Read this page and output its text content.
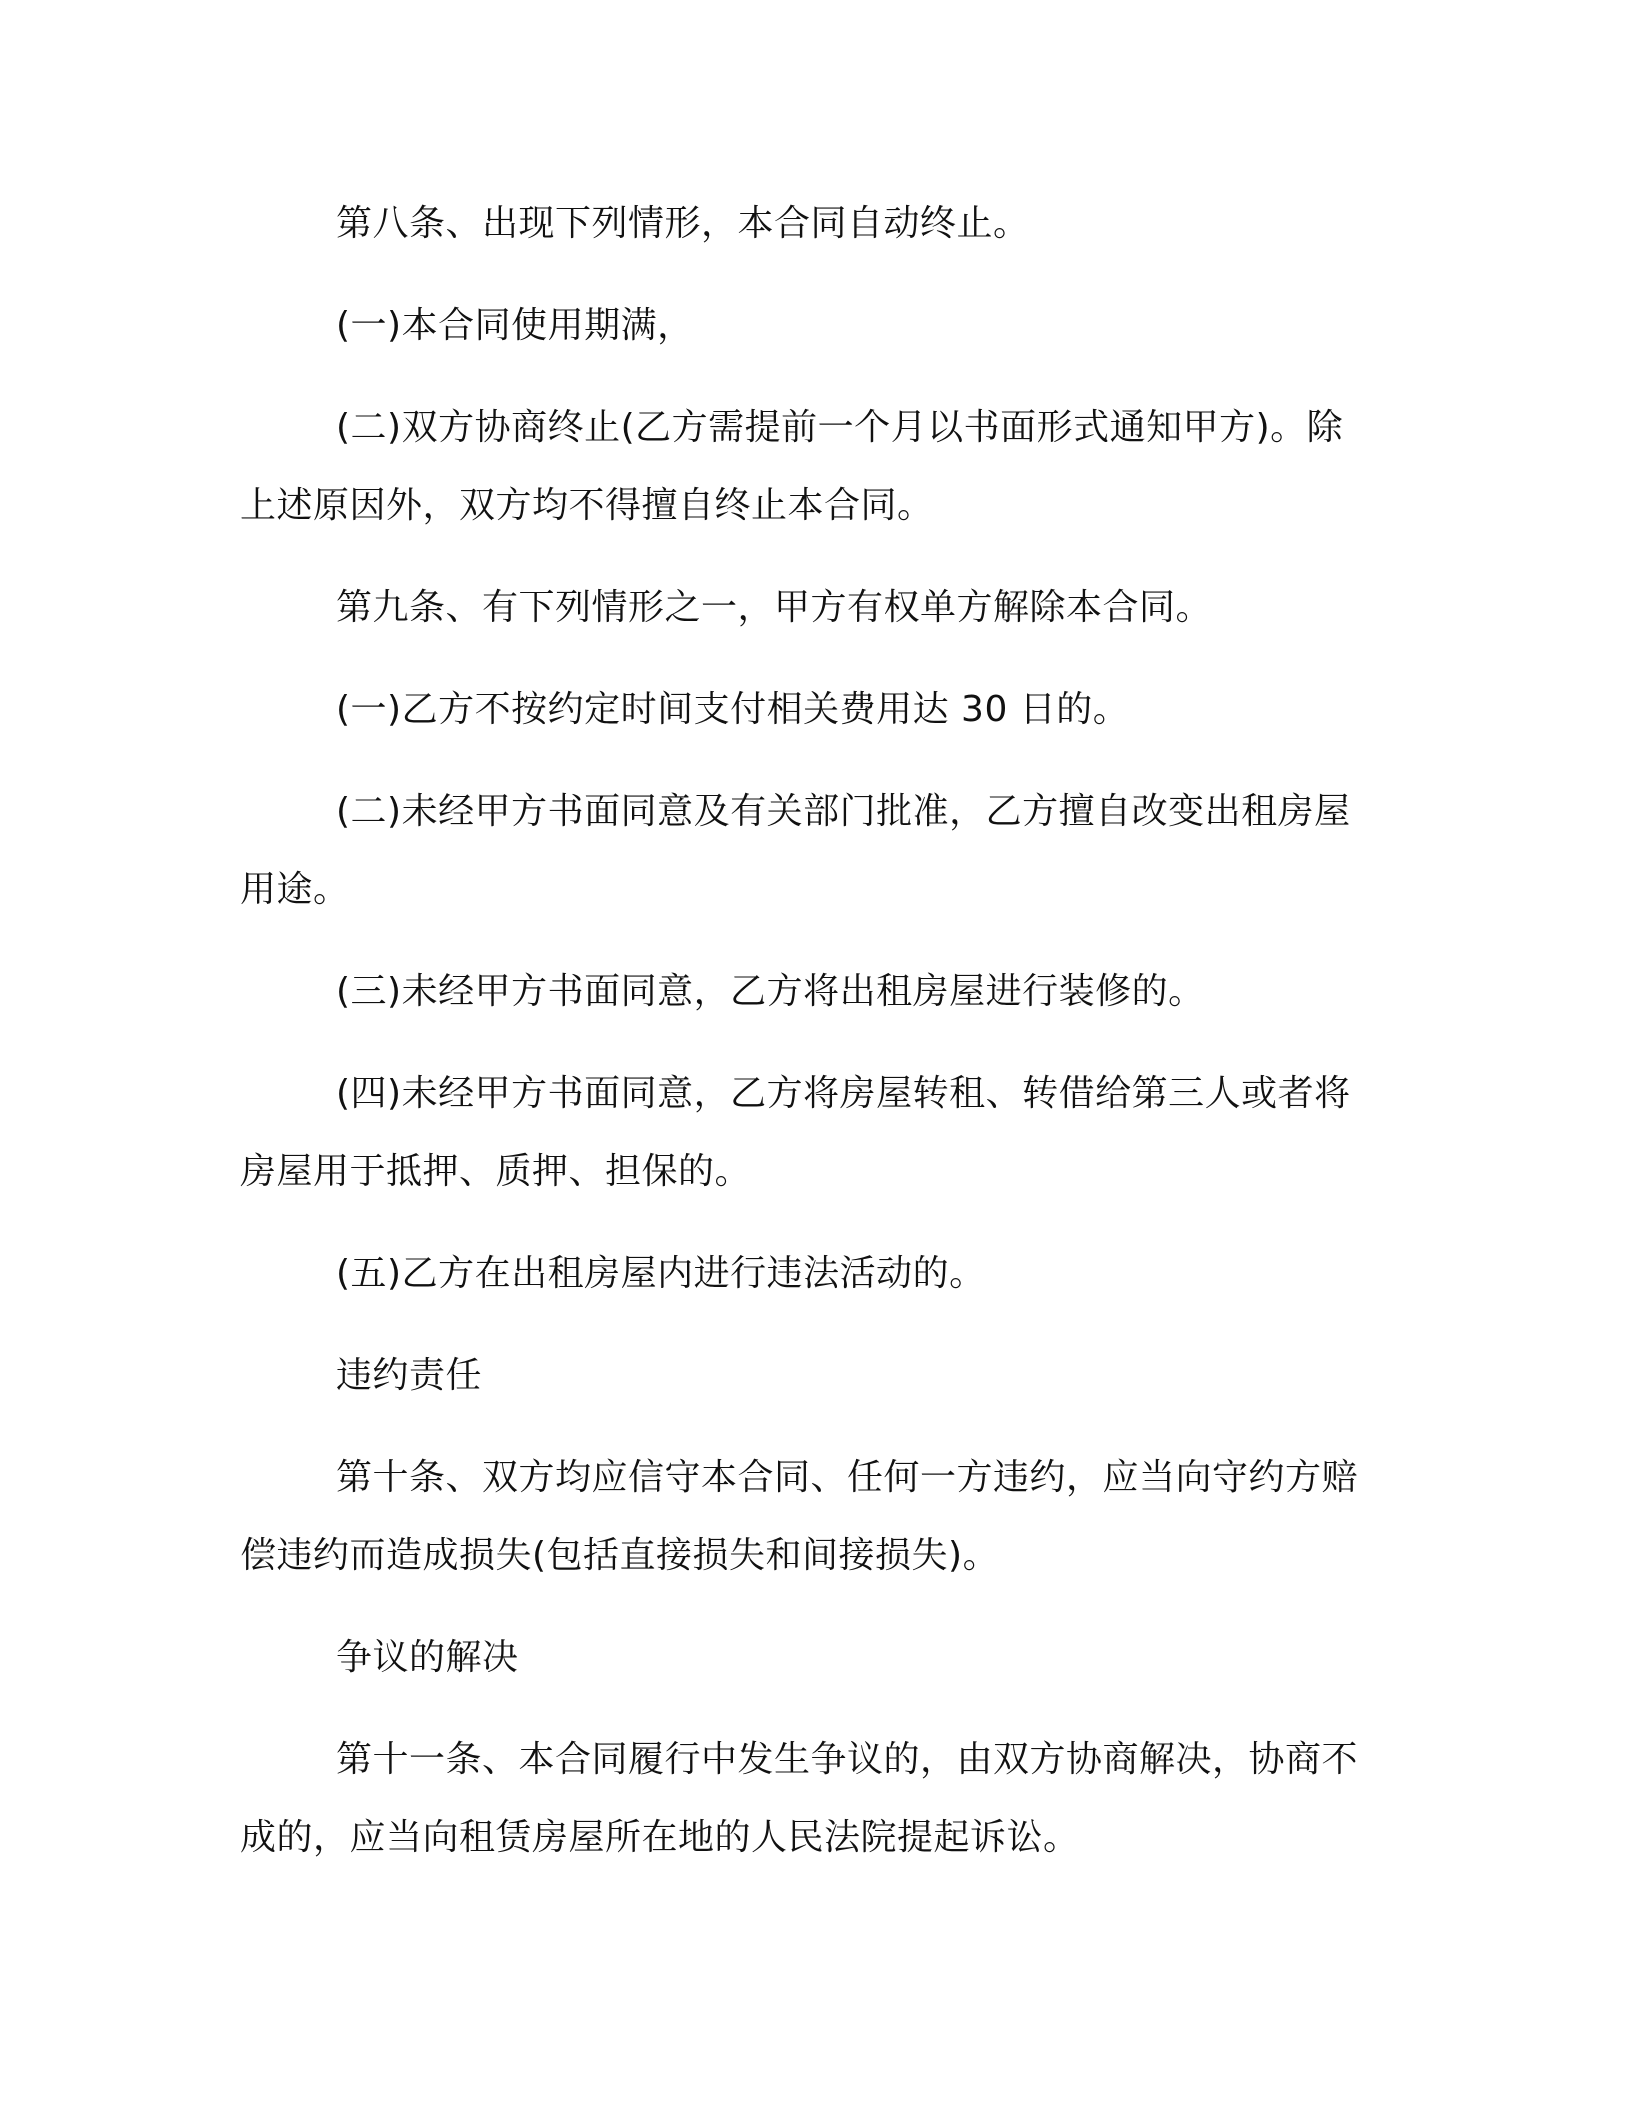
第八条、出现下列情形，本合同自动终止。

(一)本合同使用期满，

(二)双方协商终止(乙方需提前一个月以书面形式通知甲方)。除
上述原因外，双方均不得擅自终止本合同。

第九条、有下列情形之一，甲方有权单方解除本合同。

(一)乙方不按约定时间支付相关费用达 30 日的。

(二)未经甲方书面同意及有关部门批准，乙方擅自改变出租房屋
用途。

(三)未经甲方书面同意，乙方将出租房屋进行装修的。

(四)未经甲方书面同意，乙方将房屋转租、转借给第三人或者将
房屋用于抵押、质押、担保的。

(五)乙方在出租房屋内进行违法活动的。

违约责任

第十条、双方均应信守本合同、任何一方违约，应当向守约方赔
偿违约而造成损失(包括直接损失和间接损失)。

争议的解决

第十一条、本合同履行中发生争议的，由双方协商解决，协商不
成的，应当向租赁房屋所在地的人民法院提起诉讼。
